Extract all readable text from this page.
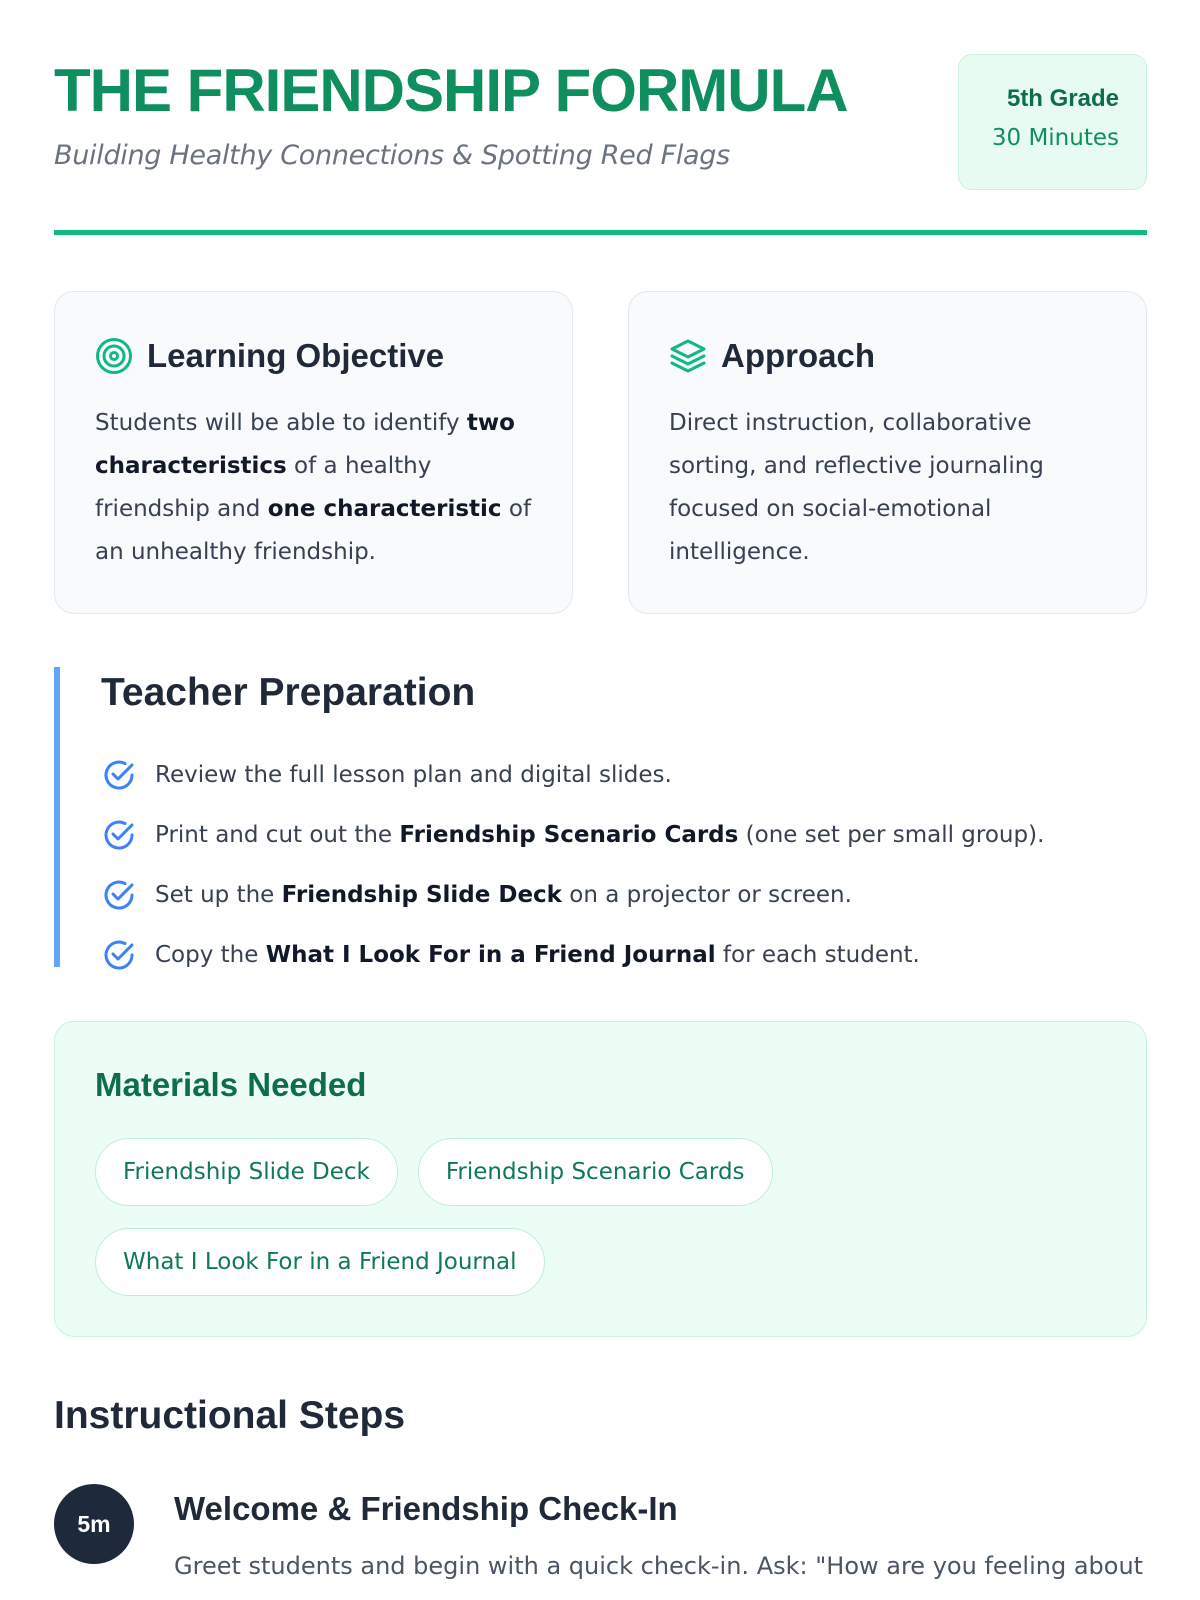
THE FRIENDSHIP FORMULA
Building Healthy Connections & Spotting Red Flags
5th Grade
30 Minutes
Learning Objective

Students will be able to identify two characteristics of a healthy friendship and one characteristic of an unhealthy friendship.

Approach

Direct instruction, collaborative sorting, and reflective journaling focused on social-emotional intelligence.

Teacher Preparation
Review the full lesson plan and digital slides.
Print and cut out the Friendship Scenario Cards (one set per small group).
Set up the Friendship Slide Deck on a projector or screen.
Copy the What I Look For in a Friend Journal for each student.
Materials Needed
Friendship Slide Deck	Friendship Scenario Cards
What I Look For in a Friend Journal
Instructional Steps
5m	Welcome & Friendship Check-In

Greet students and begin with a quick check-in. Ask: "How are you feeling about
